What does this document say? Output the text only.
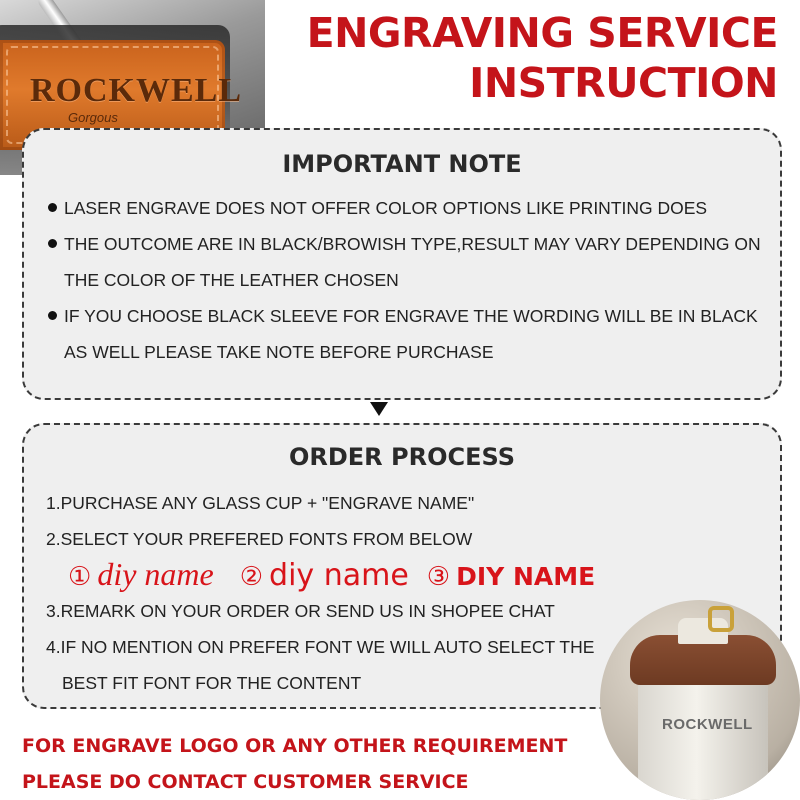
ROCKWELL
Gorgous
ENGRAVING SERVICE
INSTRUCTION
IMPORTANT NOTE
LASER ENGRAVE DOES NOT OFFER COLOR OPTIONS LIKE PRINTING DOES
THE OUTCOME ARE IN BLACK/BROWISH TYPE,RESULT MAY VARY DEPENDING ON THE COLOR OF THE LEATHER CHOSEN
IF YOU CHOOSE BLACK SLEEVE FOR ENGRAVE THE WORDING WILL BE IN BLACK AS WELL PLEASE TAKE NOTE BEFORE PURCHASE
ORDER PROCESS
1.PURCHASE ANY GLASS CUP + "ENGRAVE NAME"
2.SELECT YOUR PREFERED FONTS FROM BELOW
3.REMARK ON YOUR ORDER OR SEND US IN SHOPEE CHAT
4.IF NO MENTION ON PREFER FONT WE WILL AUTO SELECT THE
BEST FIT FONT FOR THE CONTENT
① diy name ② diy name ③ DIY NAME
FOR ENGRAVE LOGO OR ANY OTHER REQUIREMENT
PLEASE DO CONTACT CUSTOMER SERVICE
ROCKWELL
